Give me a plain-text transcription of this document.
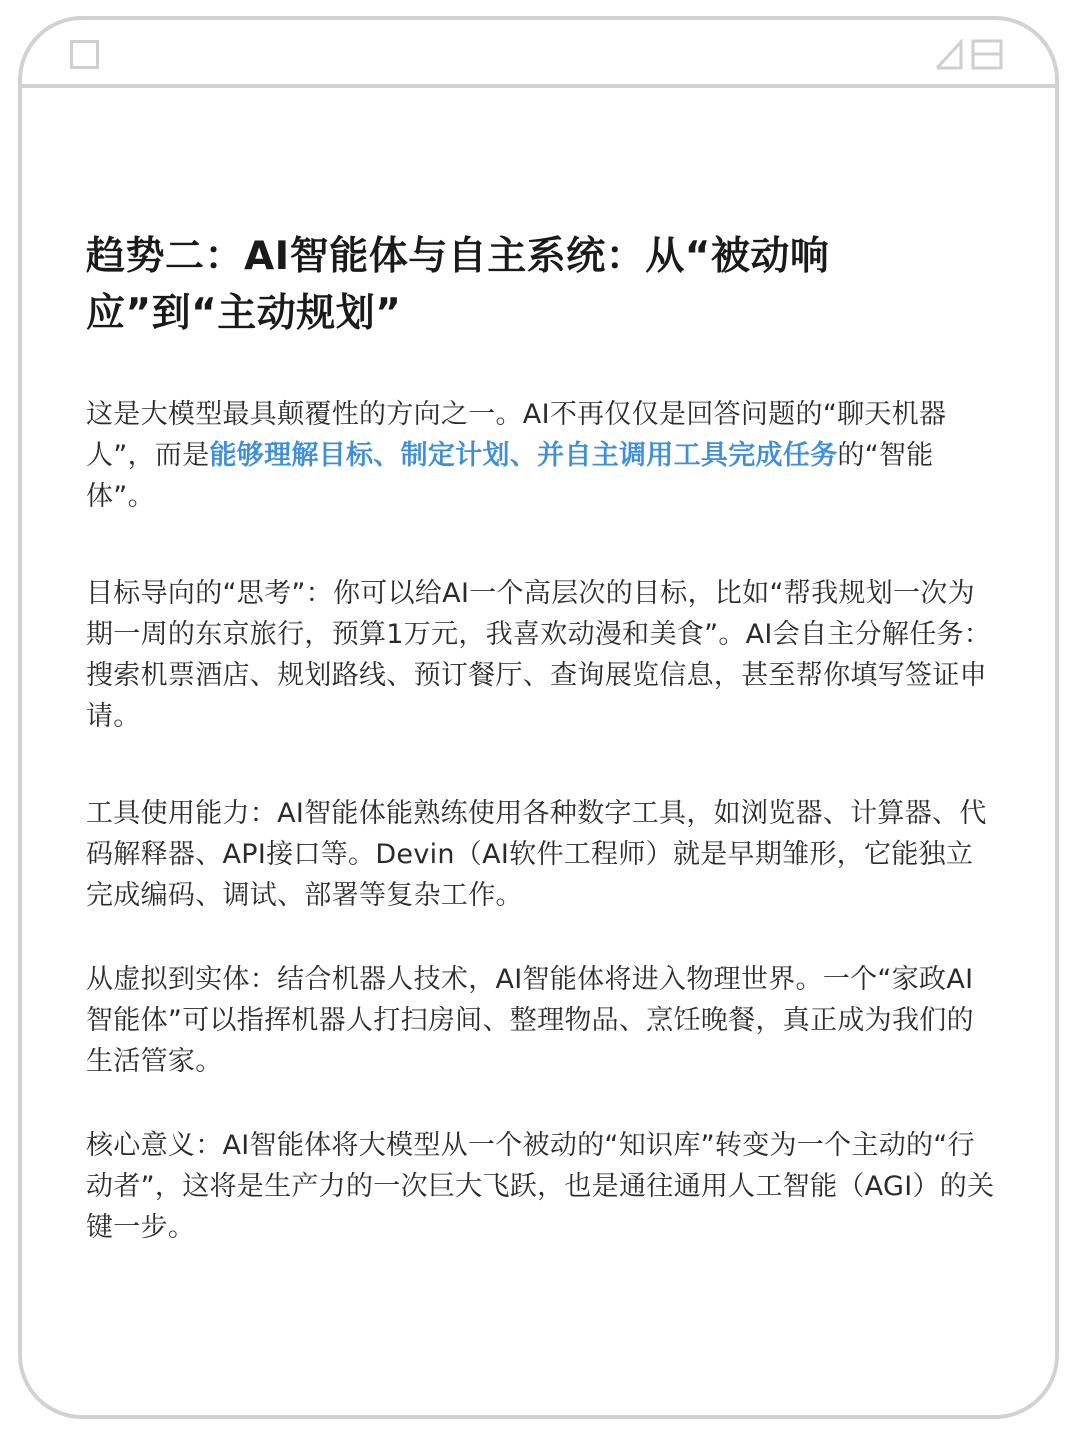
趋势二：AI智能体与自主系统：从“被动响应”到“主动规划”

这是大模型最具颠覆性的方向之一。AI不再仅仅是回答问题的“聊天机器人”，而是能够理解目标、制定计划、并自主调用工具完成任务的“智能体”。

目标导向的“思考”：你可以给AI一个高层次的目标，比如“帮我规划一次为期一周的东京旅行，预算1万元，我喜欢动漫和美食”。AI会自主分解任务：搜索机票酒店、规划路线、预订餐厅、查询展览信息，甚至帮你填写签证申请。

工具使用能力：AI智能体能熟练使用各种数字工具，如浏览器、计算器、代码解释器、API接口等。Devin（AI软件工程师）就是早期雏形，它能独立完成编码、调试、部署等复杂工作。

从虚拟到实体：结合机器人技术，AI智能体将进入物理世界。一个“家政AI智能体”可以指挥机器人打扫房间、整理物品、烹饪晚餐，真正成为我们的生活管家。

核心意义：AI智能体将大模型从一个被动的“知识库”转变为一个主动的“行动者”，这将是生产力的一次巨大飞跃，也是通往通用人工智能（AGI）的关键一步。
